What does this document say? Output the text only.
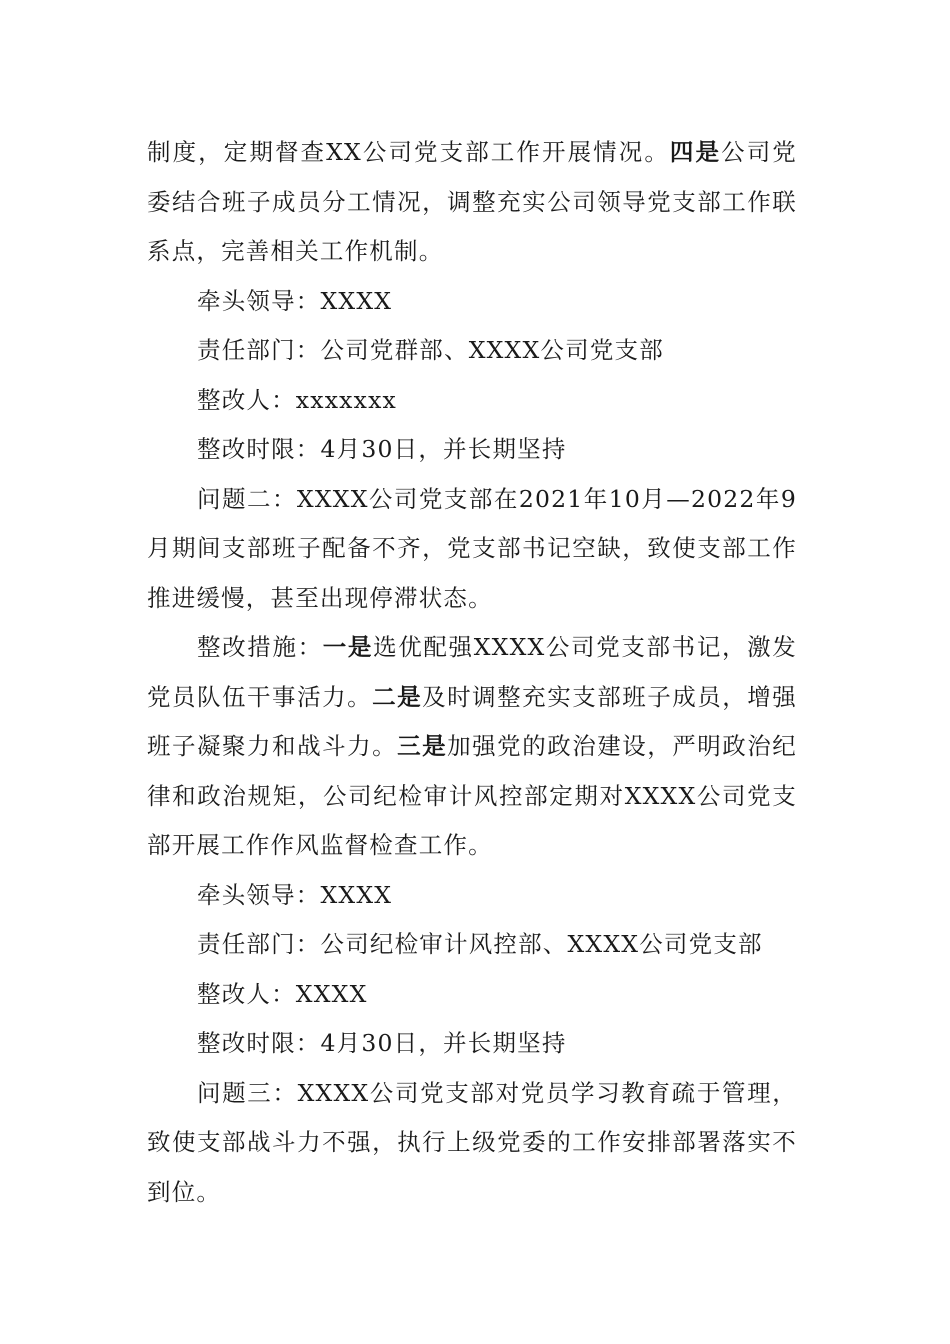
制度，定期督查XX公司党支部工作开展情况。四是公司党委结合班子成员分工情况，调整充实公司领导党支部工作联系点，完善相关工作机制。

牵头领导：XXXX

责任部门：公司党群部、XXXX公司党支部

整改人：xxxxxxx

整改时限：4月30日，并长期坚持

问题二：XXXX公司党支部在2021年10月—2022年9月期间支部班子配备不齐，党支部书记空缺，致使支部工作推进缓慢，甚至出现停滞状态。

整改措施：一是选优配强XXXX公司党支部书记，激发党员队伍干事活力。二是及时调整充实支部班子成员，增强班子凝聚力和战斗力。三是加强党的政治建设，严明政治纪律和政治规矩，公司纪检审计风控部定期对XXXX公司党支部开展工作作风监督检查工作。

牵头领导：XXXX

责任部门：公司纪检审计风控部、XXXX公司党支部

整改人：XXXX

整改时限：4月30日，并长期坚持

问题三：XXXX公司党支部对党员学习教育疏于管理，致使支部战斗力不强，执行上级党委的工作安排部署落实不到位。
